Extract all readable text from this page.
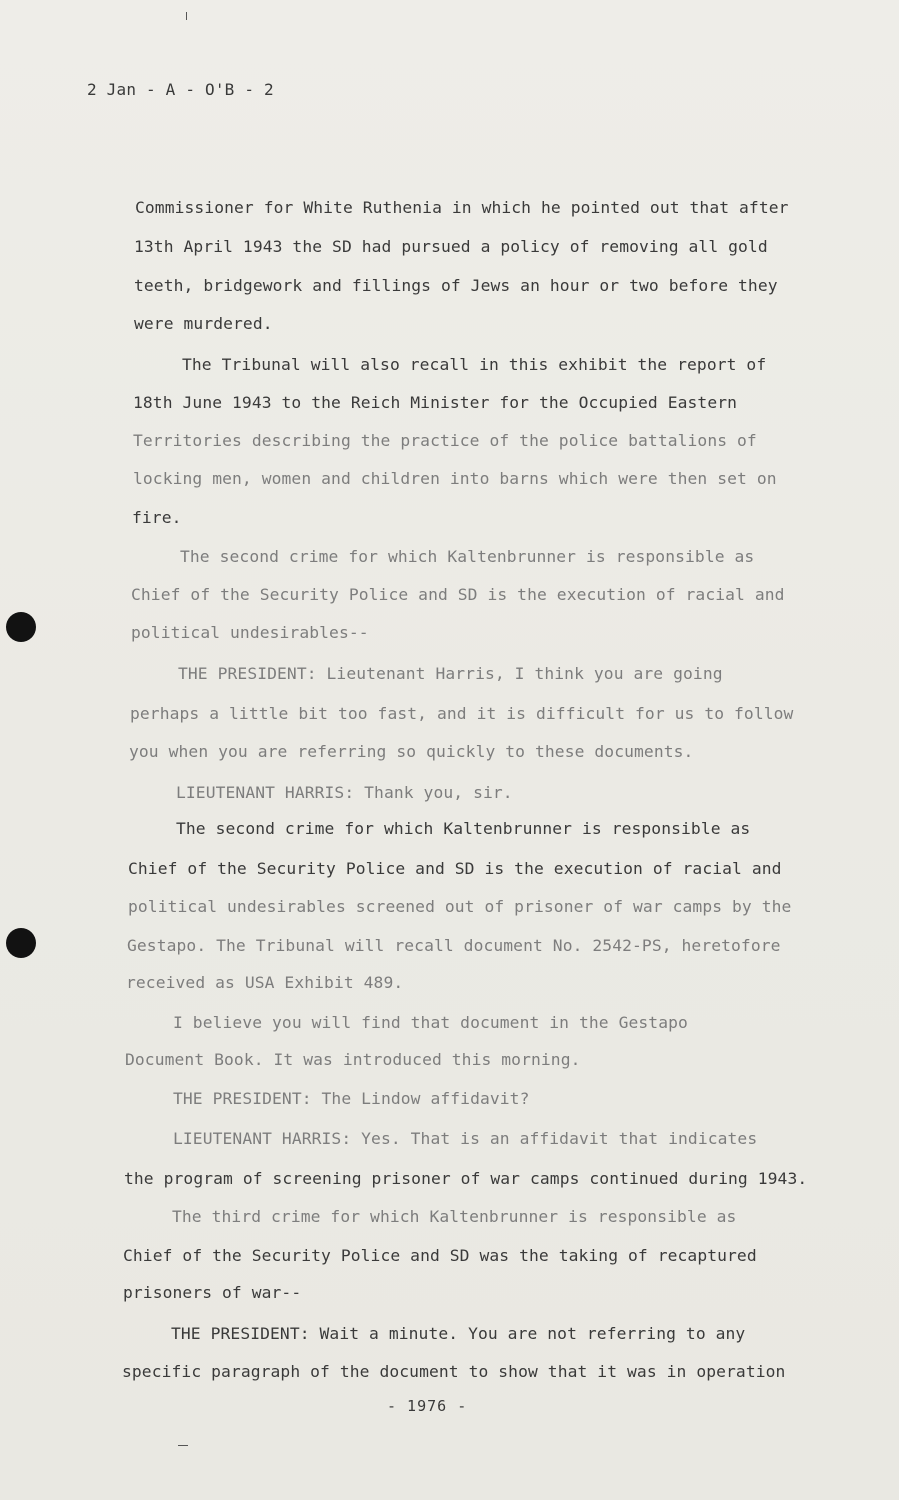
2 Jan - A - O'B - 2
Commissioner for White Ruthenia in which he pointed out that after
13th April 1943 the SD had pursued a policy of removing all gold
teeth, bridgework and fillings of Jews an hour or two before they
were murdered.
The Tribunal will also recall in this exhibit the report of
18th June 1943 to the Reich Minister for the Occupied Eastern
Territories describing the practice of the police battalions of
locking men, women and children into barns which were then set on
fire.
The second crime for which Kaltenbrunner is responsible as
Chief of the Security Police and SD is the execution of racial and
political undesirables--
THE PRESIDENT: Lieutenant Harris, I think you are going
perhaps a little bit too fast, and it is difficult for us to follow
you when you are referring so quickly to these documents.
LIEUTENANT HARRIS: Thank you, sir.
The second crime for which Kaltenbrunner is responsible as
Chief of the Security Police and SD is the execution of racial and
political undesirables screened out of prisoner of war camps by the
Gestapo. The Tribunal will recall document No. 2542-PS, heretofore
received as USA Exhibit 489.
I believe you will find that document in the Gestapo
Document Book. It was introduced this morning.
THE PRESIDENT: The Lindow affidavit?
LIEUTENANT HARRIS: Yes. That is an affidavit that indicates
the program of screening prisoner of war camps continued during 1943.
The third crime for which Kaltenbrunner is responsible as
Chief of the Security Police and SD was the taking of recaptured
prisoners of war--
THE PRESIDENT: Wait a minute. You are not referring to any
specific paragraph of the document to show that it was in operation
- 1976 -
